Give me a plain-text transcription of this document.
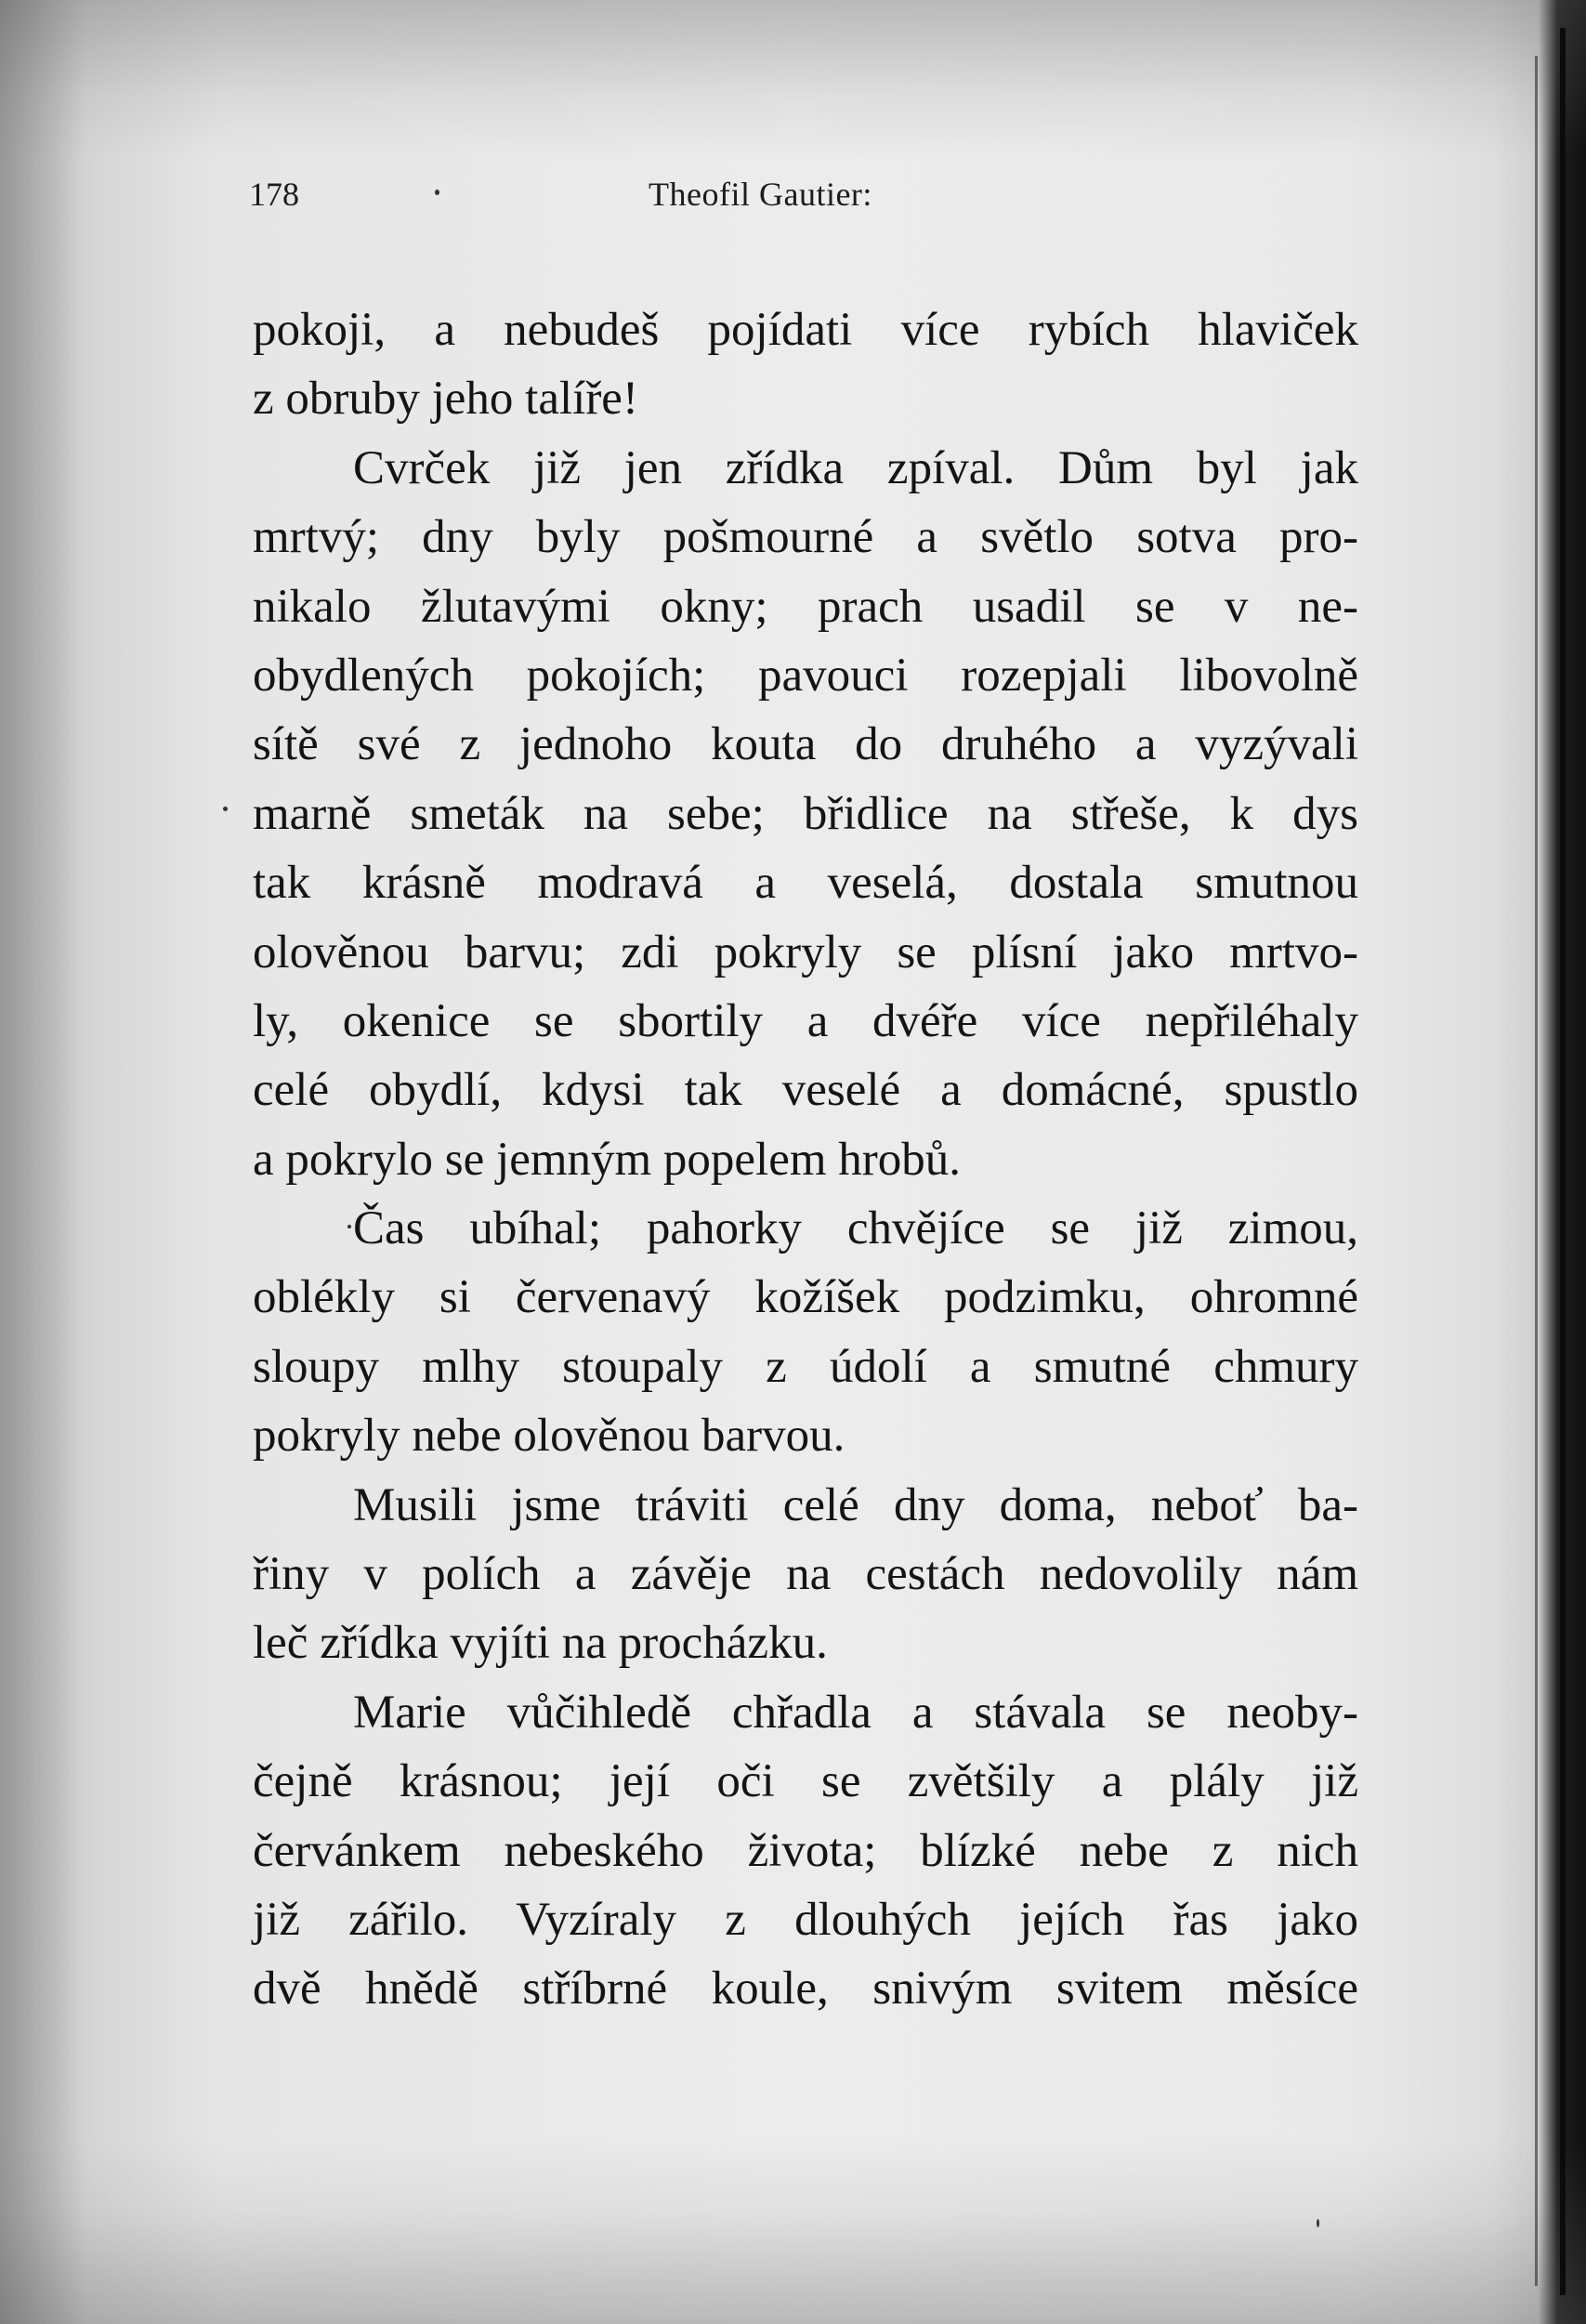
178	Theofil Gautier:
pokoji, a nebudeš pojídati více rybích hlaviček
z obruby jeho talíře!
Cvrček již jen zřídka zpíval. Dům byl jak
mrtvý; dny byly pošmourné a světlo sotva pro-
nikalo žlutavými okny; prach usadil se v ne-
obydlených pokojích; pavouci rozepjali libovolně
sítě své z jednoho kouta do druhého a vyzývali
marně smeták na sebe; břidlice na střeše, k dys
tak krásně modravá a veselá, dostala smutnou
olověnou barvu; zdi pokryly se plísní jako mrtvo-
ly, okenice se sbortily a dvéře více nepřiléhaly
celé obydlí, kdysi tak veselé a domácné, spustlo
a pokrylo se jemným popelem hrobů.
Čas ubíhal; pahorky chvějíce se již zimou,
oblékly si červenavý kožíšek podzimku, ohromné
sloupy mlhy stoupaly z údolí a smutné chmury
pokryly nebe olověnou barvou.
Musili jsme tráviti celé dny doma, neboť ba-
řiny v polích a závěje na cestách nedovolily nám
leč zřídka vyjíti na procházku.
Marie vůčihledě chřadla a stávala se neoby-
čejně krásnou; její oči se zvětšily a plály již
červánkem nebeského života; blízké nebe z nich
již zářilo. Vyzíraly z dlouhých jejích řas jako
dvě hnědě stříbrné koule, snivým svitem měsíce
